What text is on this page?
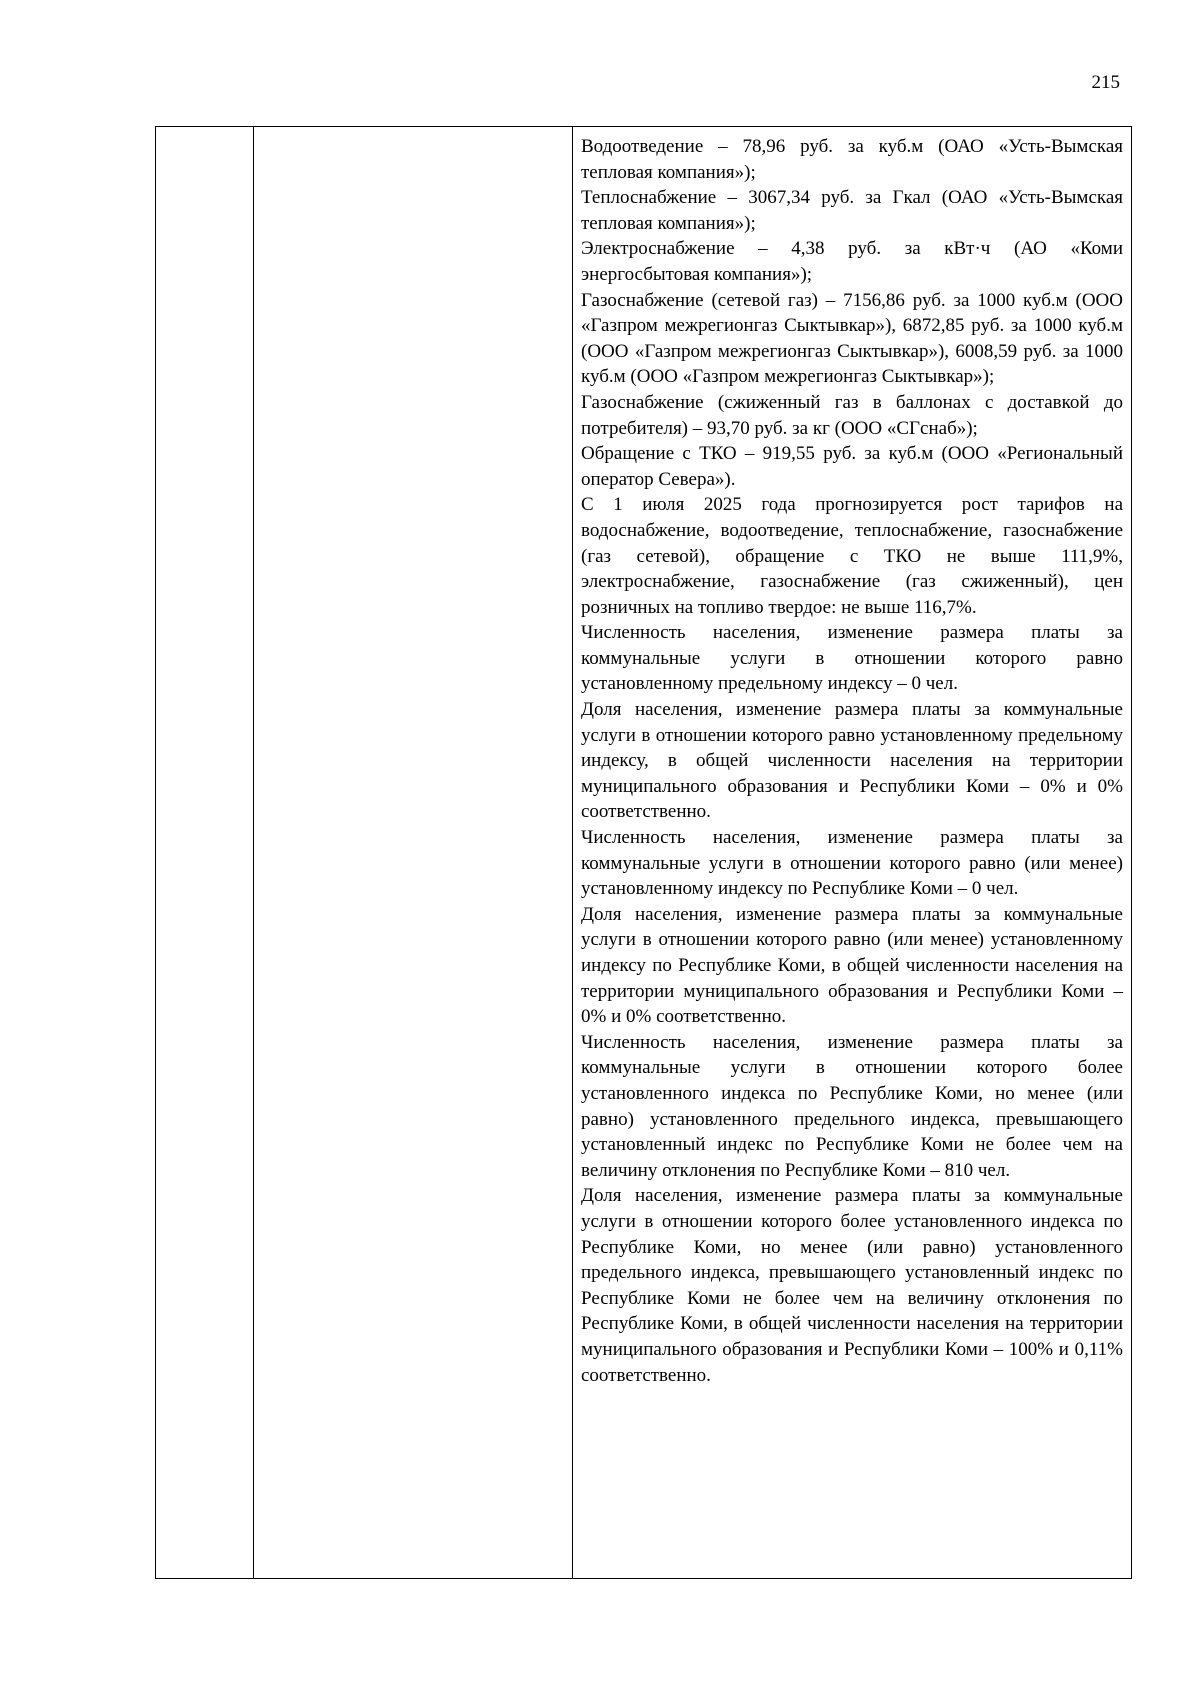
215

Водоотведение – 78,96 руб. за куб.м (ОАО «Усть-Вымская тепловая компания»);

Теплоснабжение – 3067,34 руб. за Гкал (ОАО «Усть-Вымская тепловая компания»);

Электроснабжение – 4,38 руб. за кВт·ч (АО «Коми энергосбытовая компания»);

Газоснабжение (сетевой газ) – 7156,86 руб. за 1000 куб.м (ООО «Газпром межрегионгаз Сыктывкар»), 6872,85 руб. за 1000 куб.м (ООО «Газпром межрегионгаз Сыктывкар»), 6008,59 руб. за 1000 куб.м (ООО «Газпром межрегионгаз Сыктывкар»);

Газоснабжение (сжиженный газ в баллонах с доставкой до потребителя) – 93,70 руб. за кг (ООО «СГснаб»);

Обращение с ТКО – 919,55 руб. за куб.м (ООО «Региональный оператор Севера»).

С 1 июля 2025 года прогнозируется рост тарифов на водоснабжение, водоотведение, теплоснабжение, газоснабжение (газ сетевой), обращение с ТКО не выше 111,9%, электроснабжение, газоснабжение (газ сжиженный), цен розничных на топливо твердое: не выше 116,7%.

Численность населения, изменение размера платы за коммунальные услуги в отношении которого равно установленному предельному индексу – 0 чел.

Доля населения, изменение размера платы за коммунальные услуги в отношении которого равно установленному предельному индексу, в общей численности населения на территории муниципального образования и Республики Коми – 0% и 0% соответственно.

Численность населения, изменение размера платы за коммунальные услуги в отношении которого равно (или менее) установленному индексу по Республике Коми – 0 чел.

Доля населения, изменение размера платы за коммунальные услуги в отношении которого равно (или менее) установленному индексу по Республике Коми, в общей численности населения на территории муниципального образования и Республики Коми – 0% и 0% соответственно.

Численность населения, изменение размера платы за коммунальные услуги в отношении которого более установленного индекса по Республике Коми, но менее (или равно) установленного предельного индекса, превышающего установленный индекс по Республике Коми не более чем на величину отклонения по Республике Коми – 810 чел.

Доля населения, изменение размера платы за коммунальные услуги в отношении которого более установленного индекса по Республике Коми, но менее (или равно) установленного предельного индекса, превышающего установленный индекс по Республике Коми не более чем на величину отклонения по Республике Коми, в общей численности населения на территории муниципального образования и Республики Коми – 100% и 0,11% соответственно.
